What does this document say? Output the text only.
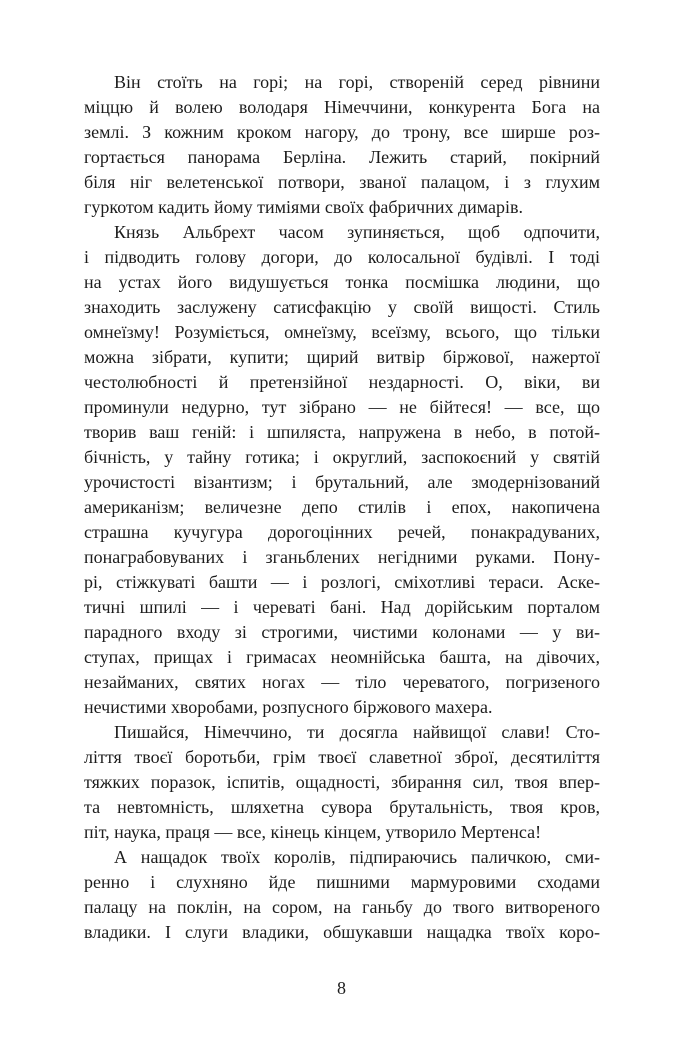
Він стоїть на горі; на горі, створеній серед рівнини
міццю й волею володаря Німеччини, конкурента Бога на
землі. З кожним кроком нагору, до трону, все ширше роз-
гортається панорама Берліна. Лежить старий, покірний
біля ніг велетенської потвори, званої палацом, і з глухим
гуркотом кадить йому тиміями своїх фабричних димарів.
Князь Альбрехт часом зупиняється, щоб одпочити,
і підводить голову догори, до колосальної будівлі. І тоді
на устах його видушується тонка посмішка людини, що
знаходить заслужену сатисфакцію у своїй вищості. Стиль
омнеїзму! Розуміється, омнеїзму, всеїзму, всього, що тільки
можна зібрати, купити; щирий витвір біржової, нажертої
честолюбності й претензійної нездарності. О, віки, ви
проминули недурно, тут зібрано — не бійтеся! — все, що
творив ваш геній: і шпиляста, напружена в небо, в потой-
бічність, у тайну готика; і округлий, заспокоєний у святій
урочистості візантизм; і брутальний, але змодернізований
американізм; величезне депо стилів і епох, накопичена
страшна кучугура дорогоцінних речей, понакрадуваних,
понаграбовуваних і зганьблених негідними руками. Пону-
рі, стіжкуваті башти — і розлогі, сміхотливі тераси. Аске-
тичні шпилі — і череваті бані. Над дорійським порталом
парадного входу зі строгими, чистими колонами — у ви-
ступах, прищах і гримасах неомнійська башта, на дівочих,
незайманих, святих ногах — тіло череватого, погризеного
нечистими хворобами, розпусного біржового махера.
Пишайся, Німеччино, ти досягла найвищої слави! Сто-
ліття твоєї боротьби, грім твоєї славетної зброї, десятиліття
тяжких поразок, іспитів, ощадності, збирання сил, твоя впер-
та невтомність, шляхетна сувора брутальність, твоя кров,
піт, наука, праця — все, кінець кінцем, утворило Мертенса!
А нащадок твоїх королів, підпираючись паличкою, сми-
ренно і слухняно йде пишними мармуровими сходами
палацу на поклін, на сором, на ганьбу до твого витвореного
владики. І слуги владики, обшукавши нащадка твоїх коро-
8
